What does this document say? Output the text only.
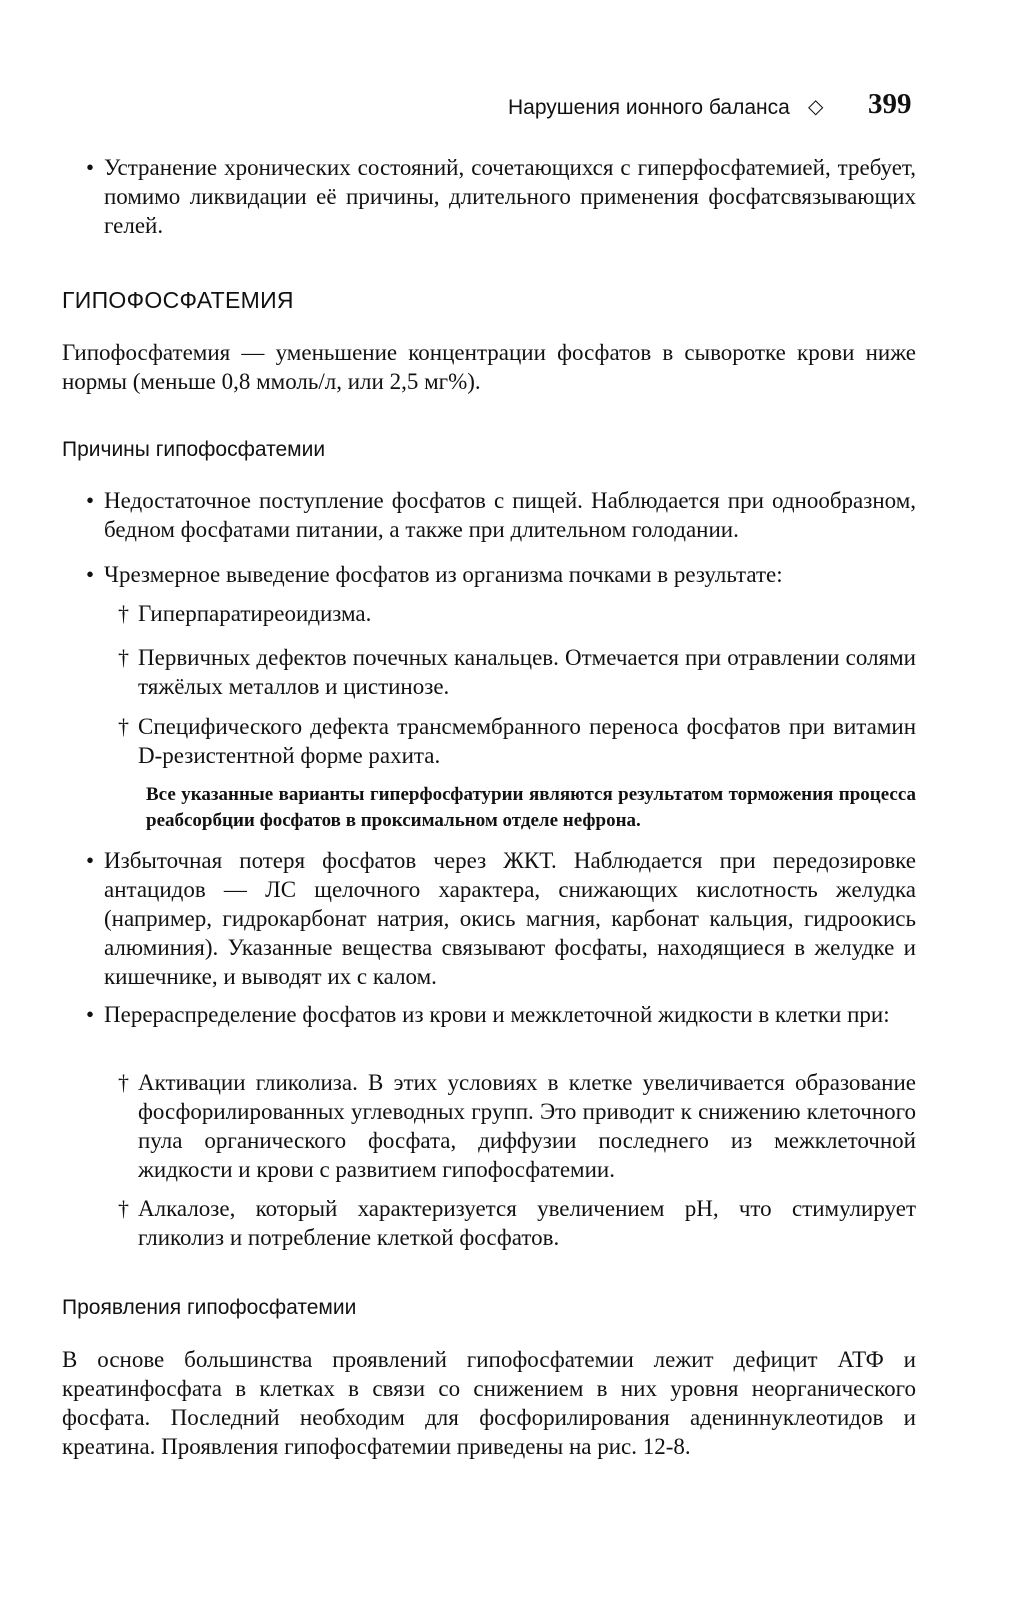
Нарушения ионного баланса ◇ 399
• Устранение хронических состояний, сочетающихся с гиперфосфатемией, требует, помимо ликвидации её причины, длительного применения фосфатсвязывающих гелей.
ГИПОФОСФАТЕМИЯ
Гипофосфатемия — уменьшение концентрации фосфатов в сыворотке крови ниже нормы (меньше 0,8 ммоль/л, или 2,5 мг%).
Причины гипофосфатемии
• Недостаточное поступление фосфатов с пищей. Наблюдается при однообразном, бедном фосфатами питании, а также при длительном голодании.
• Чрезмерное выведение фосфатов из организма почками в результате:
† Гиперпаратиреоидизма.
† Первичных дефектов почечных канальцев. Отмечается при отравлении солями тяжёлых металлов и цистинозе.
† Специфического дефекта трансмембранного переноса фосфатов при витамин D-резистентной форме рахита.
Все указанные варианты гиперфосфатурии являются результатом торможения процесса реабсорбции фосфатов в проксимальном отделе нефрона.
• Избыточная потеря фосфатов через ЖКТ. Наблюдается при передозировке антацидов — ЛС щелочного характера, снижающих кислотность желудка (например, гидрокарбонат натрия, окись магния, карбонат кальция, гидроокись алюминия). Указанные вещества связывают фосфаты, находящиеся в желудке и кишечнике, и выводят их с калом.
• Перераспределение фосфатов из крови и межклеточной жидкости в клетки при:
† Активации гликолиза. В этих условиях в клетке увеличивается образование фосфорилированных углеводных групп. Это приводит к снижению клеточного пула органического фосфата, диффузии последнего из межклеточной жидкости и крови с развитием гипофосфатемии.
† Алкалозе, который характеризуется увеличением pH, что стимулирует гликолиз и потребление клеткой фосфатов.
Проявления гипофосфатемии
В основе большинства проявлений гипофосфатемии лежит дефицит АТФ и креатинфосфата в клетках в связи со снижением в них уровня неорганического фосфата. Последний необходим для фосфорилирования адениннуклеотидов и креатина. Проявления гипофосфатемии приведены на рис. 12-8.
